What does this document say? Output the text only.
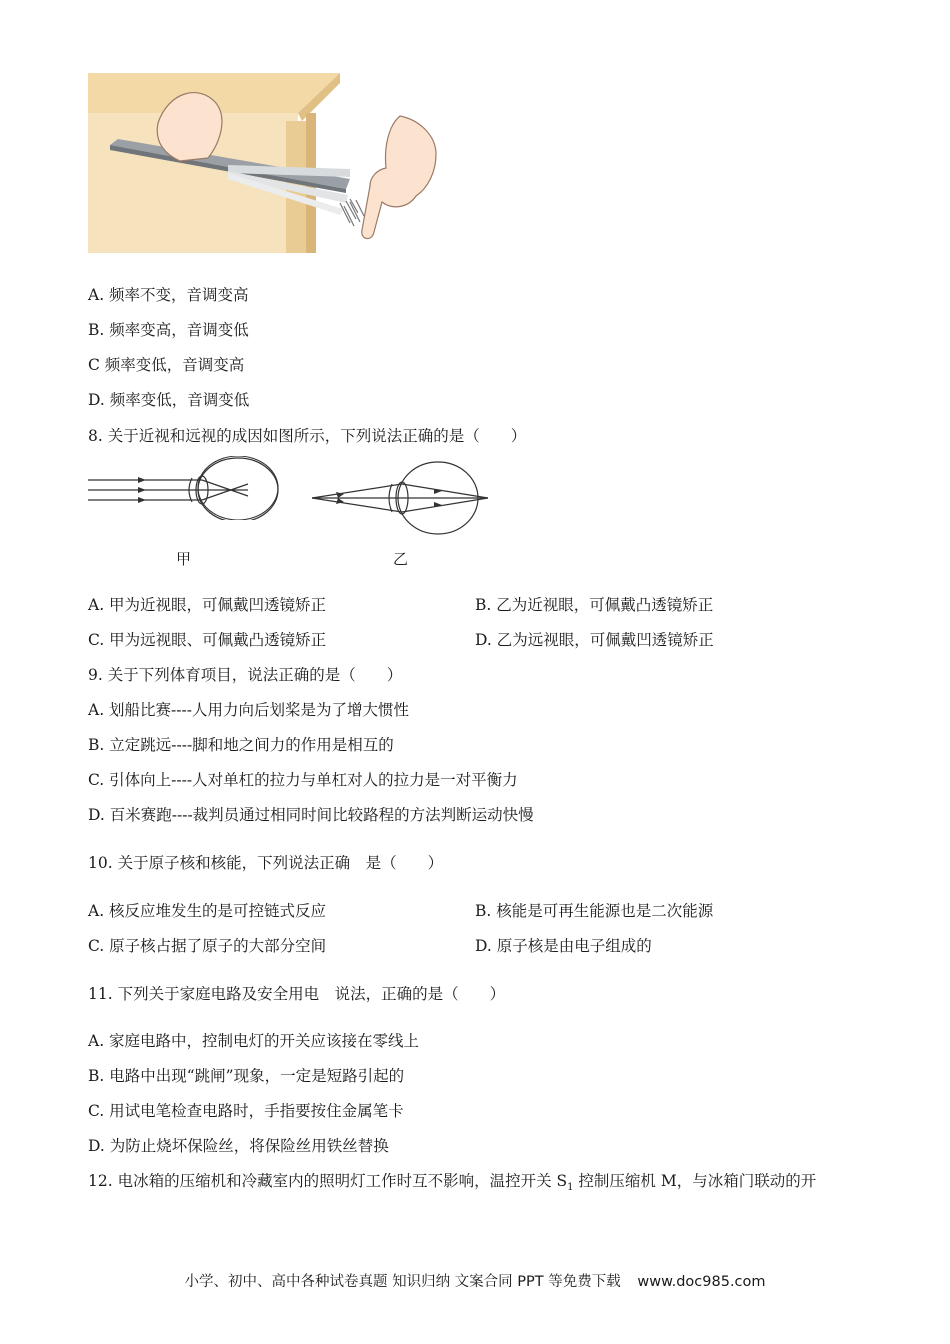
A. 频率不变，音调变高
B. 频率变高，音调变低
C 频率变低，音调变高
D. 频率变低，音调变低
8. 关于近视和远视的成因如图所示，下列说法正确的是（　　）
甲	乙
A. 甲为近视眼，可佩戴凹透镜矫正	B. 乙为近视眼，可佩戴凸透镜矫正
C. 甲为远视眼、可佩戴凸透镜矫正	D. 乙为远视眼，可佩戴凹透镜矫正
9. 关于下列体育项目，说法正确的是（　　）
A. 划船比赛----人用力向后划桨是为了增大惯性
B. 立定跳远----脚和地之间力的作用是相互的
C. 引体向上----人对单杠的拉力与单杠对人的拉力是一对平衡力
D. 百米赛跑----裁判员通过相同时间比较路程的方法判断运动快慢
10. 关于原子核和核能，下列说法正确　是（　　）
A. 核反应堆发生的是可控链式反应	B. 核能是可再生能源也是二次能源
C. 原子核占据了原子的大部分空间	D. 原子核是由电子组成的
11. 下列关于家庭电路及安全用电　说法，正确的是（　　）
A. 家庭电路中，控制电灯的开关应该接在零线上
B. 电路中出现“跳闸”现象，一定是短路引起的
C. 用试电笔检查电路时，手指要按住金属笔卡
D. 为防止烧坏保险丝，将保险丝用铁丝替换
12. 电冰箱的压缩机和冷藏室内的照明灯工作时互不影响，温控开关 $S_1$ 控制压缩机 M，与冰箱门联动的开
小学、初中、高中各种试卷真题 知识归纳 文案合同 PPT 等免费下载 www.doc985.com
